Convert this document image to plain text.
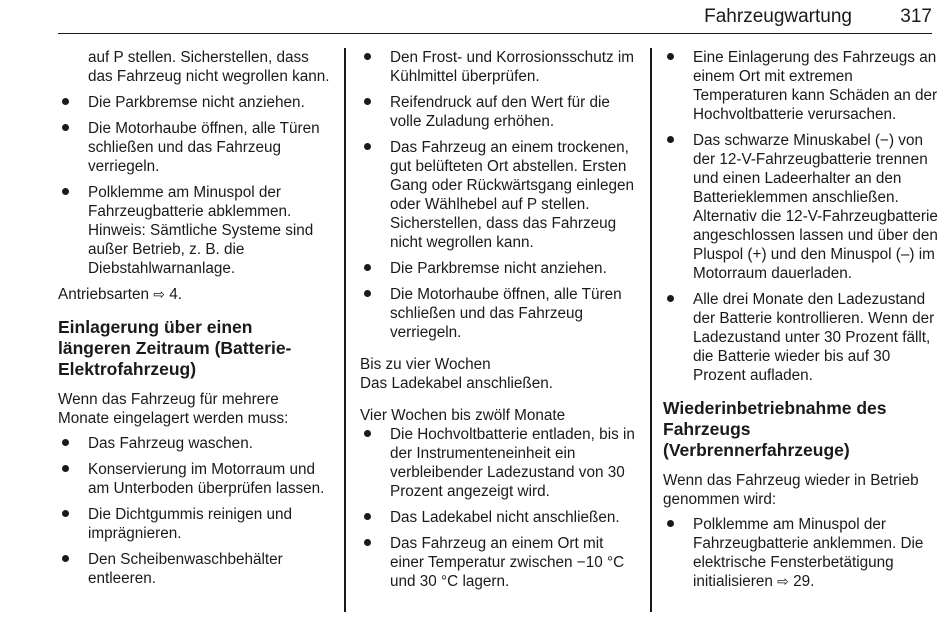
Fahrzeugwartung	317
auf P stellen. Sicherstellen, dass das Fahrzeug nicht wegrollen kann.
Die Parkbremse nicht anziehen.
Die Motorhaube öffnen, alle Türen schließen und das Fahrzeug verriegeln.
Polklemme am Minuspol der Fahrzeugbatterie abklemmen. Hinweis: Sämtliche Systeme sind außer Betrieb, z. B. die Diebstahlwarnanlage.

Antriebsarten ⇨ 4.

Einlagerung über einen längeren Zeitraum (Batterie-Elektrofahrzeug)

Wenn das Fahrzeug für mehrere Monate eingelagert werden muss:

Das Fahrzeug waschen.
Konservierung im Motorraum und am Unterboden überprüfen lassen.
Die Dichtgummis reinigen und imprägnieren.
Den Scheibenwaschbehälter entleeren.
Den Frost- und Korrosionsschutz im Kühlmittel überprüfen.
Reifendruck auf den Wert für die volle Zuladung erhöhen.
Das Fahrzeug an einem trockenen, gut belüfteten Ort abstellen. Ersten Gang oder Rückwärtsgang einlegen oder Wählhebel auf P stellen. Sicherstellen, dass das Fahrzeug nicht wegrollen kann.
Die Parkbremse nicht anziehen.
Die Motorhaube öffnen, alle Türen schließen und das Fahrzeug verriegeln.

Bis zu vier Wochen

Das Ladekabel anschließen.

Vier Wochen bis zwölf Monate

Die Hochvoltbatterie entladen, bis in der Instrumenteneinheit ein verbleibender Ladezustand von 30 Prozent angezeigt wird.
Das Ladekabel nicht anschließen.
Das Fahrzeug an einem Ort mit einer Temperatur zwischen −10 °C und 30 °C lagern.
Eine Einlagerung des Fahrzeugs an einem Ort mit extremen Temperaturen kann Schäden an der Hochvoltbatterie verursachen.
Das schwarze Minuskabel (−) von der 12-V-Fahrzeugbatterie trennen und einen Ladeerhalter an den Batterieklemmen anschließen. Alternativ die 12-V-Fahrzeugbatterie angeschlossen lassen und über den Pluspol (+) und den Minuspol (–) im Motorraum dauerladen.
Alle drei Monate den Ladezustand der Batterie kontrollieren. Wenn der Ladezustand unter 30 Prozent fällt, die Batterie wieder bis auf 30 Prozent aufladen.
Wiederinbetriebnahme des Fahrzeugs (Verbrennerfahrzeuge)

Wenn das Fahrzeug wieder in Betrieb genommen wird:

Polklemme am Minuspol der Fahrzeugbatterie anklemmen. Die elektrische Fensterbetätigung initialisieren ⇨ 29.
